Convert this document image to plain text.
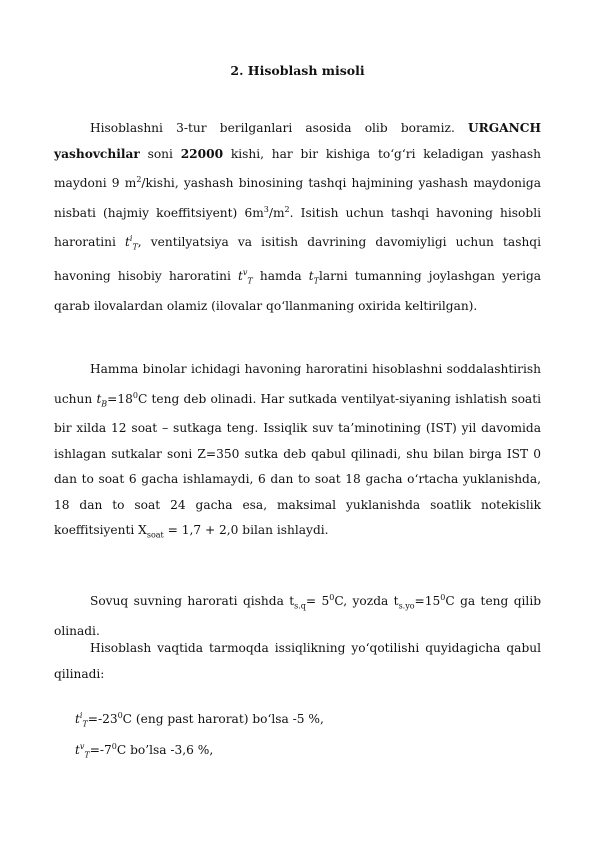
2. Hisoblash misoli
Hisoblashni 3-tur berilganlari asosida olib boramiz. URGANCH yashovchilar soni 22000 kishi, har bir kishiga to‘g‘ri keladigan yashash maydoni 9 $m^2$/kishi, yashash binosining tashqi hajmining yashash maydoniga nisbati (hajmiy koeffitsiyent) $6m^3/m^2$. Isitish uchun tashqi havoning hisobli haroratini $t^i_T$, ventilyatsiya va isitish davrining davomiyligi uchun tashqi havoning hisobiy haroratini $t^v_T$ hamda $t_Tlarni$ tumanning joylashgan yeriga qarab ilovalardan olamiz (ilovalar qo‘llanmaning oxirida keltirilgan).
Hamma binolar ichidagi havoning haroratini hisoblashni soddalashtirish uchun $t_B=18^0C$ teng deb olinadi. Har sutkada ventilyat-siyaning ishlatish soati bir xilda 12 soat – sutkaga teng. Issiqlik suv ta’minotining (IST) yil davomida ishlagan sutkalar soni Z=350 sutka deb qabul qilinadi, shu bilan birga IST 0 dan to soat 6 gacha ishlamaydi, 6 dan to soat 18 gacha o‘rtacha yuklanishda, 18 dan to soat 24 gacha esa, maksimal yuklanishda soatlik notekislik koeffitsiyenti $X_{soat} = 1,7 + 2,0$ bilan ishlaydi.
Sovuq suvning harorati qishda $t_{s.q}= 5^0C$, yozda $t_{s.yo}=15^0C$ ga teng qilib olinadi.
Hisoblash vaqtida tarmoqda issiqlikning yo‘qotilishi quyidagicha qabul qilinadi:
$t^i_T=-23^0C$ (eng past harorat) bo‘lsa -5 %,
$t^v_T=-7^0C$ bo’lsa -3,6 %,
